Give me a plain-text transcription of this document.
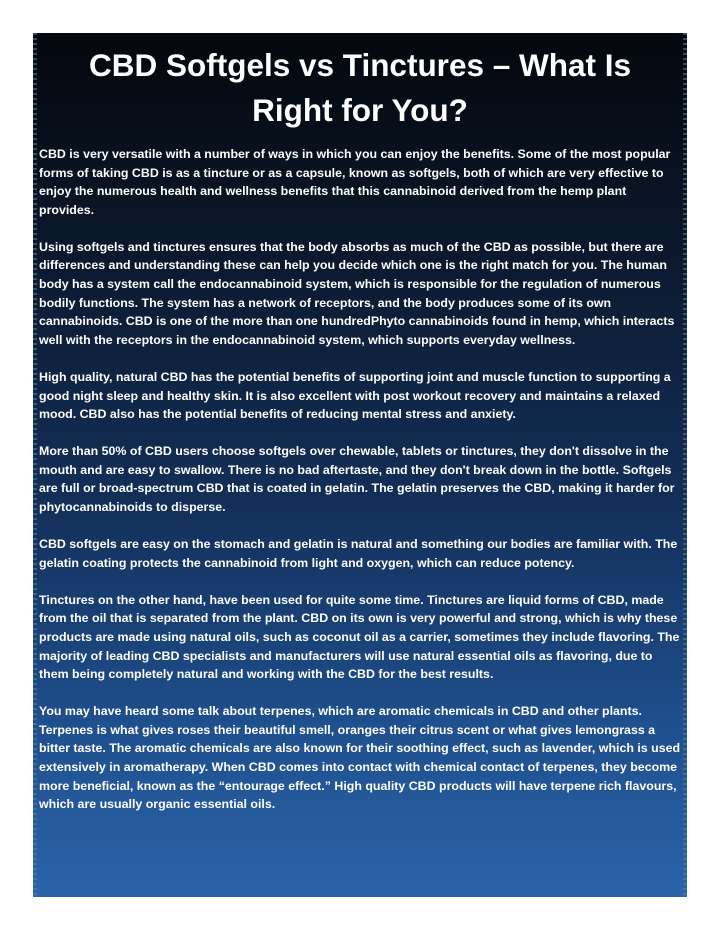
CBD Softgels vs Tinctures – What Is Right for You?

CBD is very versatile with a number of ways in which you can enjoy the benefits. Some of the most popular forms of taking CBD is as a tincture or as a capsule, known as softgels, both of which are very effective to enjoy the numerous health and wellness benefits that this cannabinoid derived from the hemp plant provides.

Using softgels and tinctures ensures that the body absorbs as much of the CBD as possible, but there are differences and understanding these can help you decide which one is the right match for you. The human body has a system call the endocannabinoid system, which is responsible for the regulation of numerous bodily functions. The system has a network of receptors, and the body produces some of its own cannabinoids. CBD is one of the more than one hundredPhyto cannabinoids found in hemp, which interacts well with the receptors in the endocannabinoid system, which supports everyday wellness.

High quality, natural CBD has the potential benefits of supporting joint and muscle function to supporting a good night sleep and healthy skin. It is also excellent with post workout recovery and maintains a relaxed mood. CBD also has the potential benefits of reducing mental stress and anxiety.

More than 50% of CBD users choose softgels over chewable, tablets or tinctures, they don't dissolve in the mouth and are easy to swallow. There is no bad aftertaste, and they don't break down in the bottle. Softgels are full or broad-spectrum CBD that is coated in gelatin. The gelatin preserves the CBD, making it harder for phytocannabinoids to disperse.

CBD softgels are easy on the stomach and gelatin is natural and something our bodies are familiar with. The gelatin coating protects the cannabinoid from light and oxygen, which can reduce potency.

Tinctures on the other hand, have been used for quite some time. Tinctures are liquid forms of CBD, made from the oil that is separated from the plant. CBD on its own is very powerful and strong, which is why these products are made using natural oils, such as coconut oil as a carrier, sometimes they include flavoring. The majority of leading CBD specialists and manufacturers will use natural essential oils as flavoring, due to them being completely natural and working with the CBD for the best results.

You may have heard some talk about terpenes, which are aromatic chemicals in CBD and other plants. Terpenes is what gives roses their beautiful smell, oranges their citrus scent or what gives lemongrass a bitter taste. The aromatic chemicals are also known for their soothing effect, such as lavender, which is used extensively in aromatherapy. When CBD comes into contact with chemical contact of terpenes, they become more beneficial, known as the “entourage effect.” High quality CBD products will have terpene rich flavours, which are usually organic essential oils.
